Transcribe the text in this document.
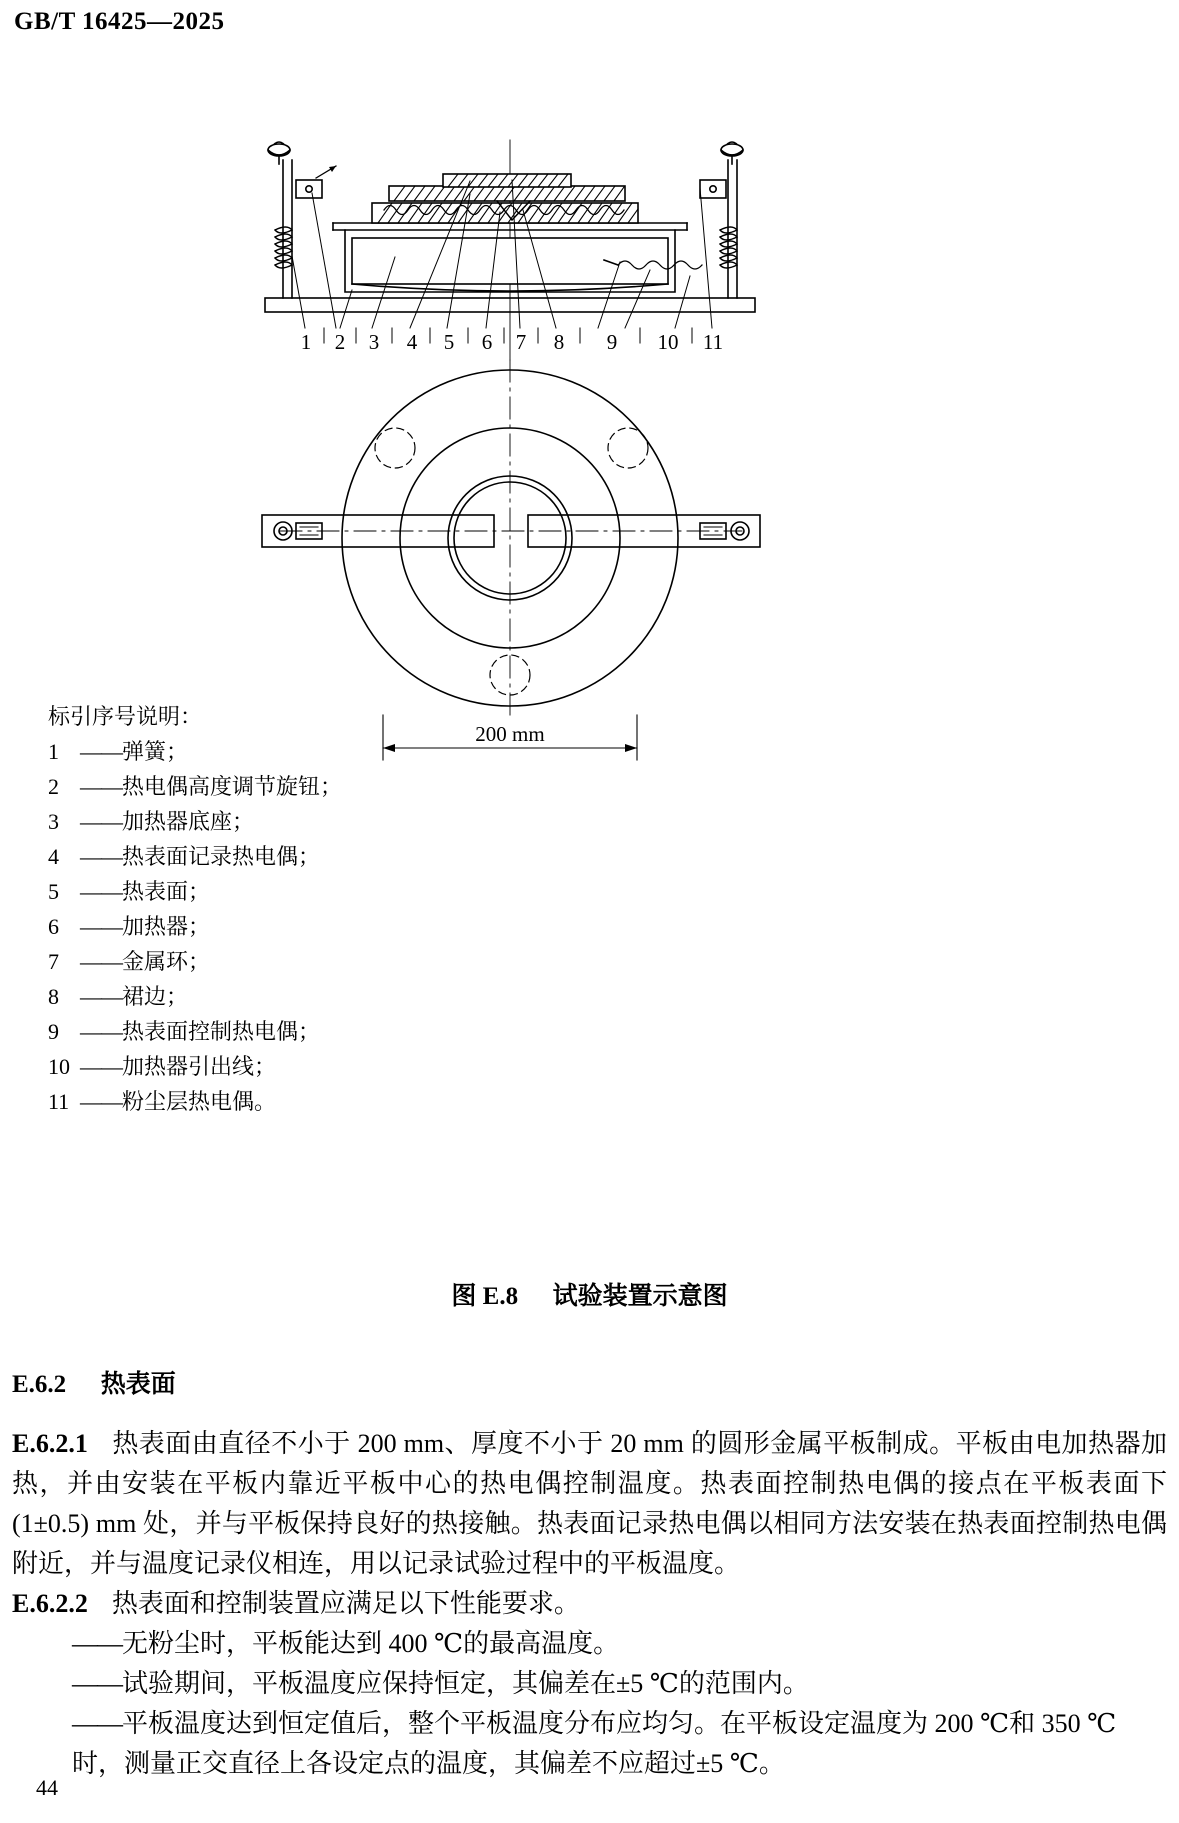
GB/T 16425—2025
1 2 3 4 5 6 7 8 9 10 11
200 mm
标引序号说明：
1 —— 弹簧；
2 —— 热电偶高度调节旋钮；
3 —— 加热器底座；
4 —— 热表面记录热电偶；
5 —— 热表面；
6 —— 加热器；
7 —— 金属环；
8 —— 裙边；
9 —— 热表面控制热电偶；
10 —— 加热器引出线；
11 —— 粉尘层热电偶。
图 E.8 试验装置示意图
E.6.2 热表面
E.6.2.1 热表面由直径不小于 200 mm、厚度不小于 20 mm 的圆形金属平板制成。平板由电加热器加热，并由安装在平板内靠近平板中心的热电偶控制温度。热表面控制热电偶的接点在平板表面下(1±0.5) mm 处，并与平板保持良好的热接触。热表面记录热电偶以相同方法安装在热表面控制热电偶附近，并与温度记录仪相连，用以记录试验过程中的平板温度。
E.6.2.2 热表面和控制装置应满足以下性能要求。
——无粉尘时，平板能达到 400 ℃的最高温度。
——试验期间，平板温度应保持恒定，其偏差在±5 ℃的范围内。
——平板温度达到恒定值后，整个平板温度分布应均匀。在平板设定温度为 200 ℃和 350 ℃时，测量正交直径上各设定点的温度，其偏差不应超过±5 ℃。
44
